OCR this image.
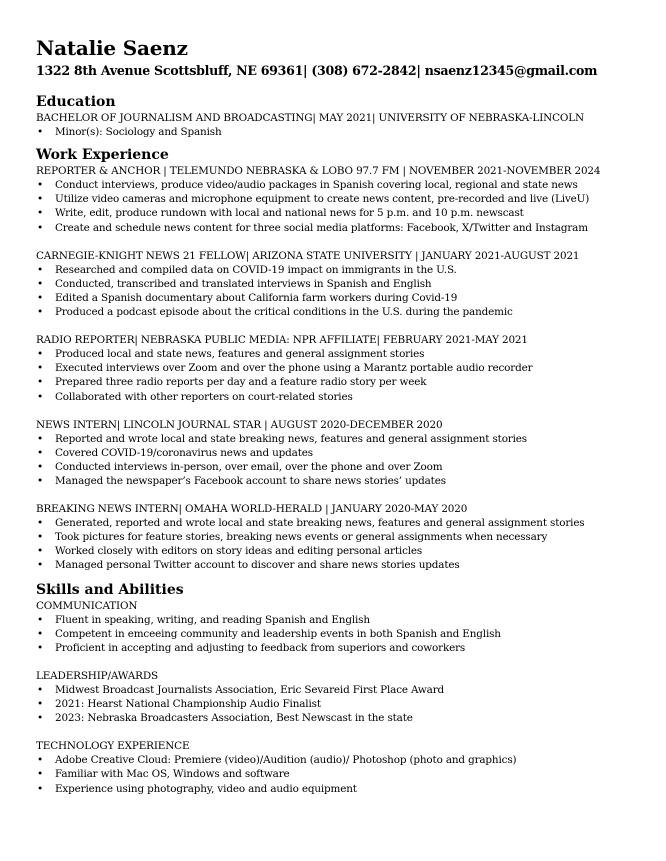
Natalie Saenz
1322 8th Avenue Scottsbluff, NE 69361| (308) 672-2842| nsaenz12345@gmail.com
Education
BACHELOR OF JOURNALISM AND BROADCASTING| MAY 2021| UNIVERSITY OF NEBRASKA-LINCOLN
• Minor(s): Sociology and Spanish
Work Experience
REPORTER & ANCHOR | TELEMUNDO NEBRASKA & LOBO 97.7 FM | NOVEMBER 2021-NOVEMBER 2024
• Conduct interviews, produce video/audio packages in Spanish covering local, regional and state news
• Utilize video cameras and microphone equipment to create news content, pre-recorded and live (LiveU)
• Write, edit, produce rundown with local and national news for 5 p.m. and 10 p.m. newscast
• Create and schedule news content for three social media platforms: Facebook, X/Twitter and Instagram
CARNEGIE-KNIGHT NEWS 21 FELLOW| ARIZONA STATE UNIVERSITY | JANUARY 2021-AUGUST 2021
• Researched and compiled data on COVID-19 impact on immigrants in the U.S.
• Conducted, transcribed and translated interviews in Spanish and English
• Edited a Spanish documentary about California farm workers during Covid-19
• Produced a podcast episode about the critical conditions in the U.S. during the pandemic
RADIO REPORTER| NEBRASKA PUBLIC MEDIA: NPR AFFILIATE| FEBRUARY 2021-MAY 2021
• Produced local and state news, features and general assignment stories
• Executed interviews over Zoom and over the phone using a Marantz portable audio recorder
• Prepared three radio reports per day and a feature radio story per week
• Collaborated with other reporters on court-related stories
NEWS INTERN| LINCOLN JOURNAL STAR | AUGUST 2020-DECEMBER 2020
• Reported and wrote local and state breaking news, features and general assignment stories
• Covered COVID-19/coronavirus news and updates
• Conducted interviews in-person, over email, over the phone and over Zoom
• Managed the newspaper’s Facebook account to share news stories’ updates
BREAKING NEWS INTERN| OMAHA WORLD-HERALD | JANUARY 2020-MAY 2020
• Generated, reported and wrote local and state breaking news, features and general assignment stories
• Took pictures for feature stories, breaking news events or general assignments when necessary
• Worked closely with editors on story ideas and editing personal articles
• Managed personal Twitter account to discover and share news stories updates
Skills and Abilities
COMMUNICATION
• Fluent in speaking, writing, and reading Spanish and English
• Competent in emceeing community and leadership events in both Spanish and English
• Proficient in accepting and adjusting to feedback from superiors and coworkers
LEADERSHIP/AWARDS
• Midwest Broadcast Journalists Association, Eric Sevareid First Place Award
• 2021: Hearst National Championship Audio Finalist
• 2023: Nebraska Broadcasters Association, Best Newscast in the state
TECHNOLOGY EXPERIENCE
• Adobe Creative Cloud: Premiere (video)/Audition (audio)/ Photoshop (photo and graphics)
• Familiar with Mac OS, Windows and software
• Experience using photography, video and audio equipment
